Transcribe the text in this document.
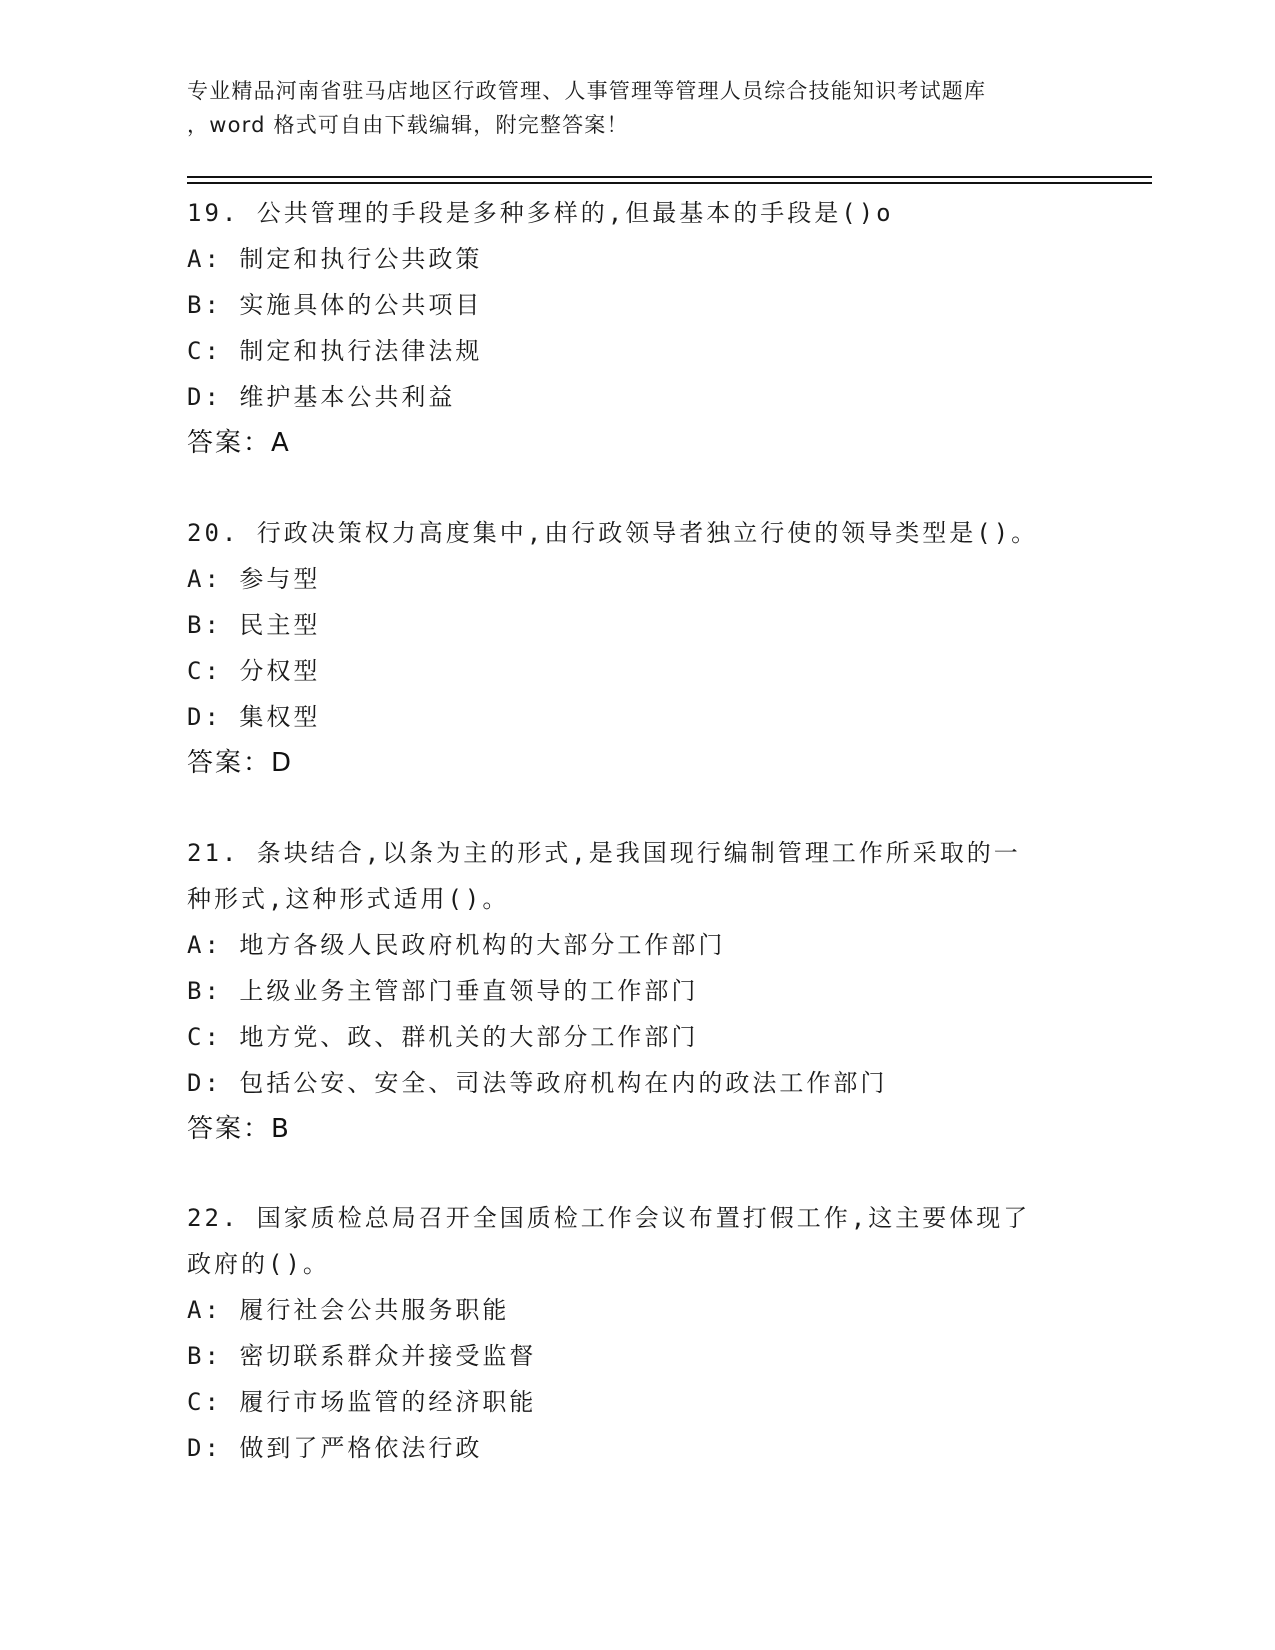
专业精品河南省驻马店地区行政管理、人事管理等管理人员综合技能知识考试题库
，word 格式可自由下载编辑，附完整答案！
19. 公共管理的手段是多种多样的,但最基本的手段是()o
A: 制定和执行公共政策
B: 实施具体的公共项目
C: 制定和执行法律法规
D: 维护基本公共利益
答案：A
20. 行政决策权力高度集中,由行政领导者独立行使的领导类型是()。
A: 参与型
B: 民主型
C: 分权型
D: 集权型
答案：D
21. 条块结合,以条为主的形式,是我国现行编制管理工作所采取的一
种形式,这种形式适用()。
A: 地方各级人民政府机构的大部分工作部门
B: 上级业务主管部门垂直领导的工作部门
C: 地方党、政、群机关的大部分工作部门
D: 包括公安、安全、司法等政府机构在内的政法工作部门
答案：B
22. 国家质检总局召开全国质检工作会议布置打假工作,这主要体现了
政府的()。
A: 履行社会公共服务职能
B: 密切联系群众并接受监督
C: 履行市场监管的经济职能
D: 做到了严格依法行政
